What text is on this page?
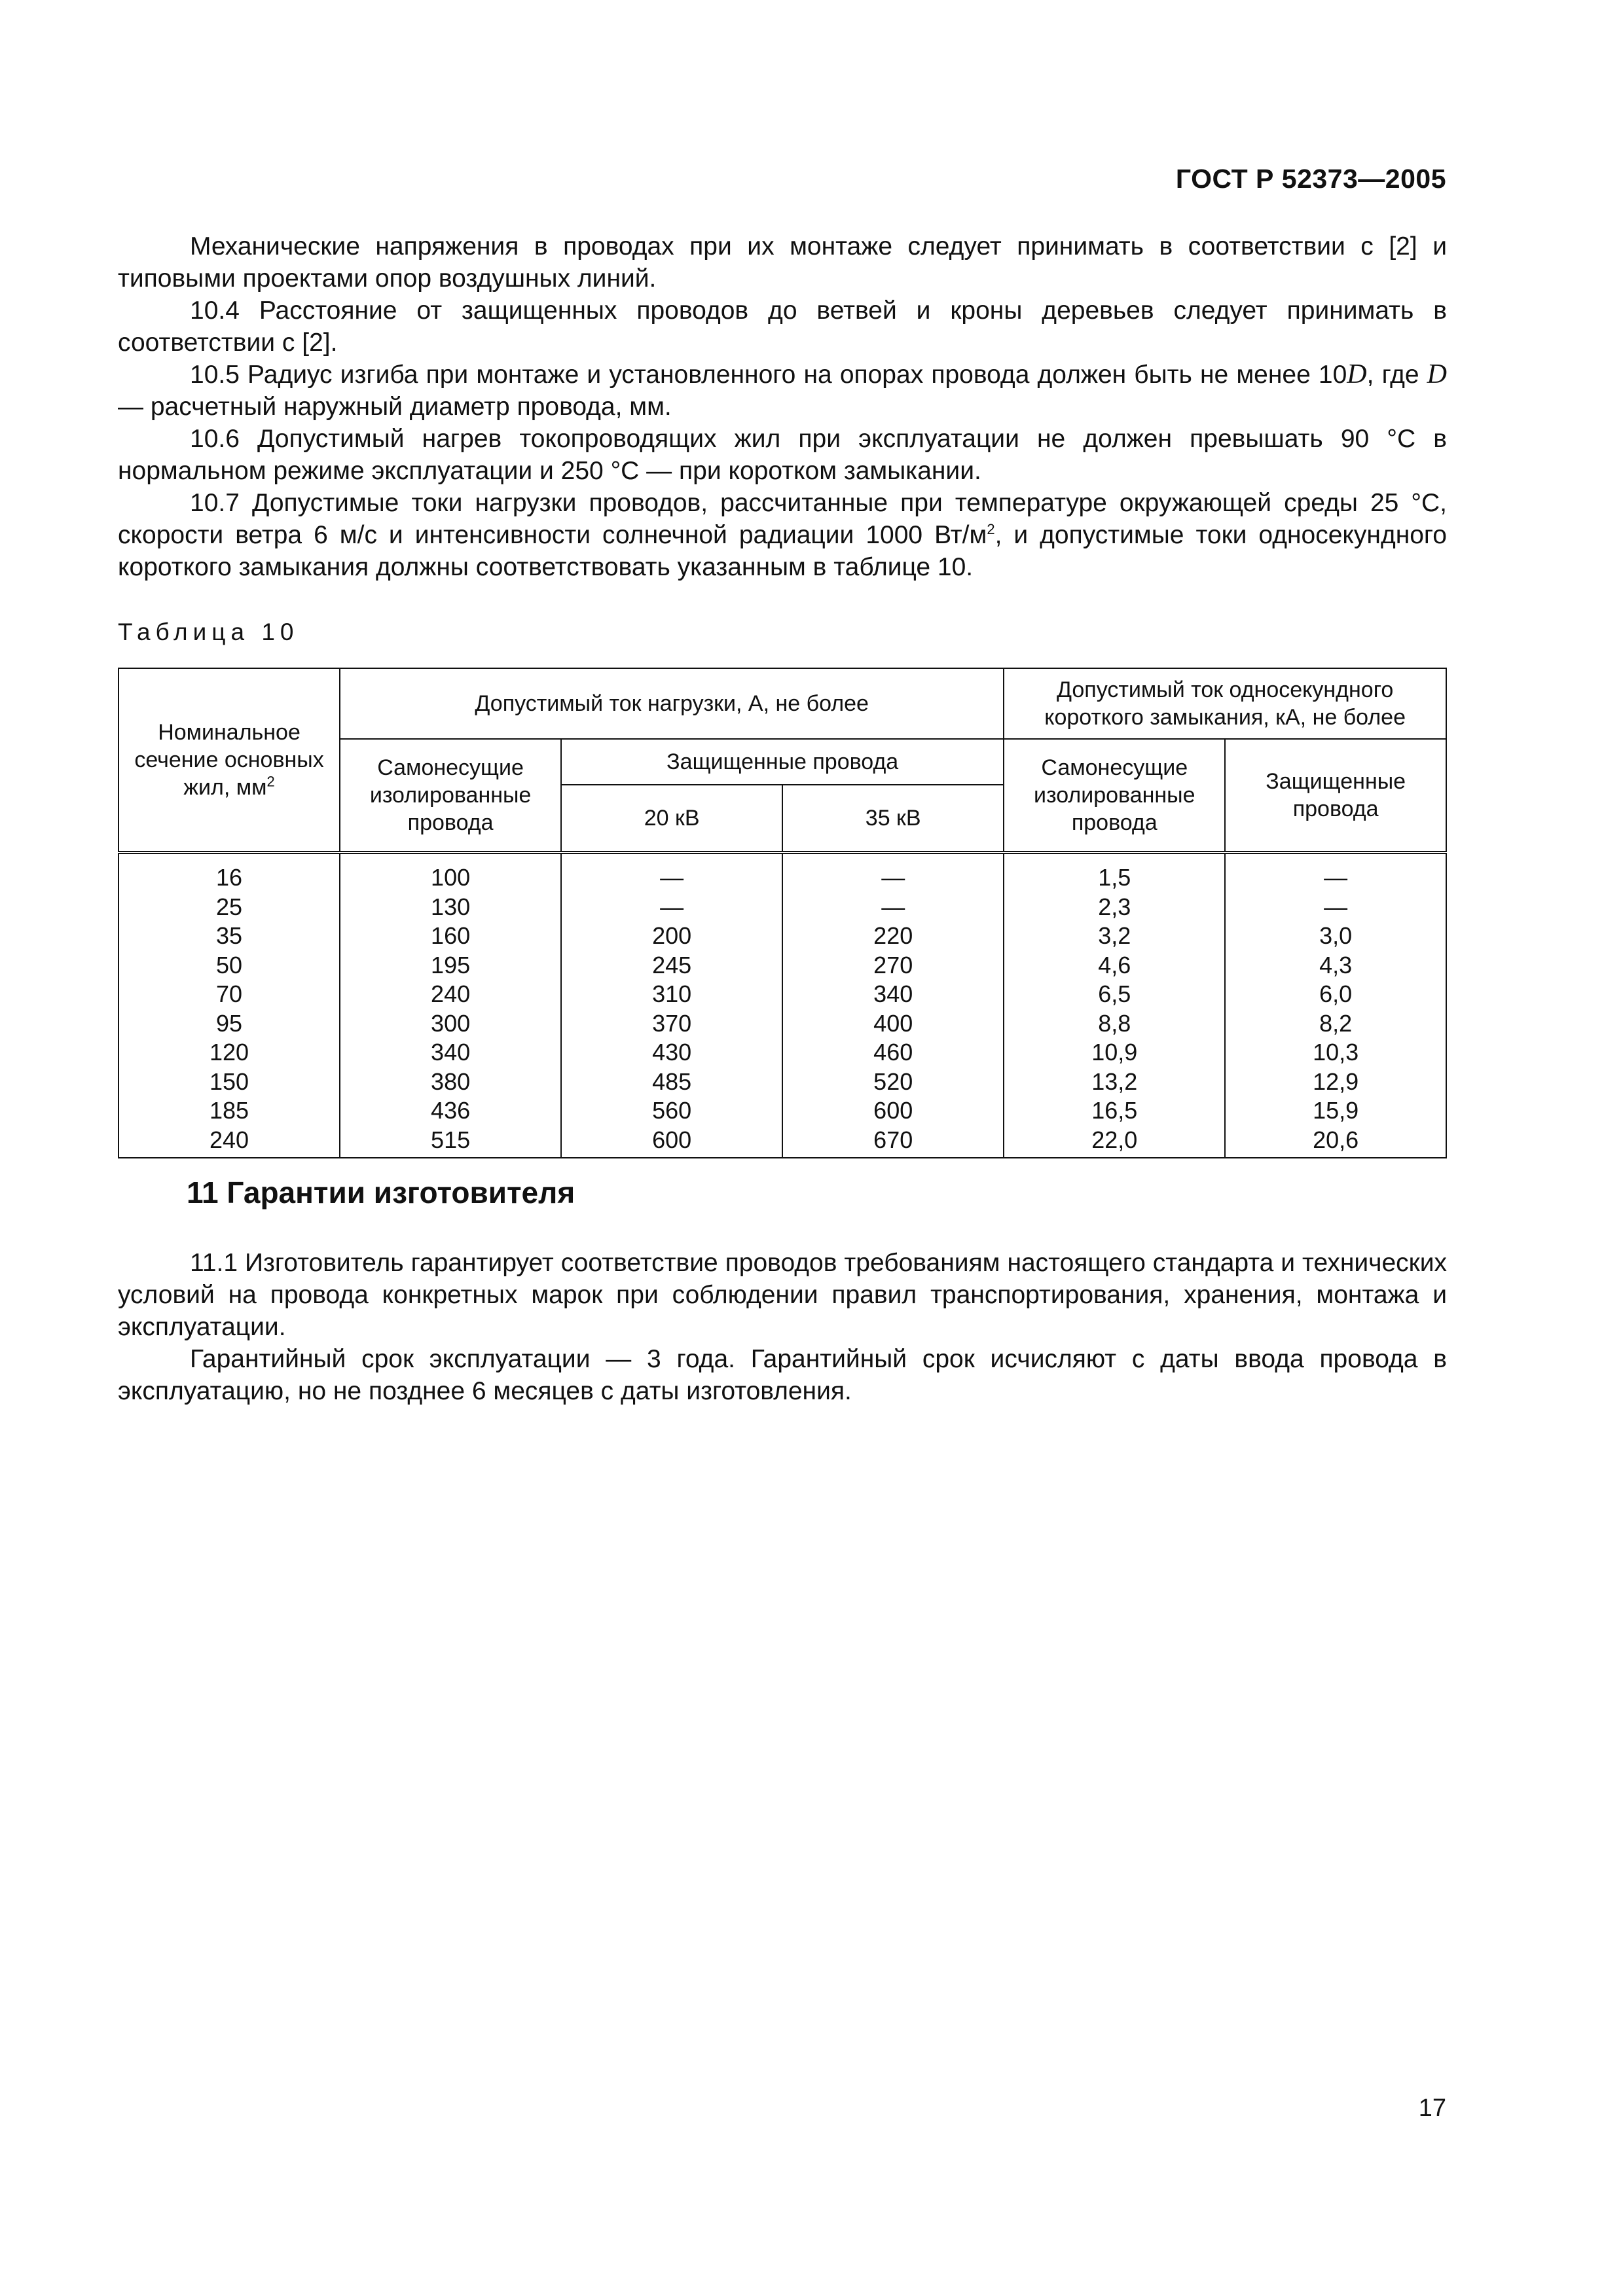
ГОСТ Р 52373—2005

Механические напряжения в проводах при их монтаже следует принимать в соответствии с [2] и типовыми проектами опор воздушных линий.

10.4 Расстояние от защищенных проводов до ветвей и кроны деревьев следует принимать в соответствии с [2].

10.5 Радиус изгиба при монтаже и установленного на опорах провода должен быть не менее 10D, где D — расчетный наружный диаметр провода, мм.

10.6 Допустимый нагрев токопроводящих жил при эксплуатации не должен превышать 90 °С в нормальном режиме эксплуатации и 250 °С — при коротком замыкании.

10.7 Допустимые токи нагрузки проводов, рассчитанные при температуре окружающей среды 25 °С, скорости ветра 6 м/с и интенсивности солнечной радиации 1000 $Вт/м^2$, и допустимые токи односекундного короткого замыкания должны соответствовать указанным в таблице 10.

Таблица 10
Номинальное сечение основных жил, $мм^2$	Допустимый ток нагрузки, А, не более			Допустимый ток односекундного короткого замыкания, кА, не более	
	Самонесущие изолированные провода	Защищенные провода		Самонесущие изолированные провода	Защищенные провода
		20 кВ	35 кВ		
16	100	—	—	1,5	—
25	130	—	—	2,3	—
35	160	200	220	3,2	3,0
50	195	245	270	4,6	4,3
70	240	310	340	6,5	6,0
95	300	370	400	8,8	8,2
120	340	430	460	10,9	10,3
150	380	485	520	13,2	12,9
185	436	560	600	16,5	15,9
240	515	600	670	22,0	20,6
11 Гарантии изготовителя

11.1 Изготовитель гарантирует соответствие проводов требованиям настоящего стандарта и технических условий на провода конкретных марок при соблюдении правил транспортирования, хранения, монтажа и эксплуатации.

Гарантийный срок эксплуатации — 3 года. Гарантийный срок исчисляют с даты ввода провода в эксплуатацию, но не позднее 6 месяцев с даты изготовления.

17
